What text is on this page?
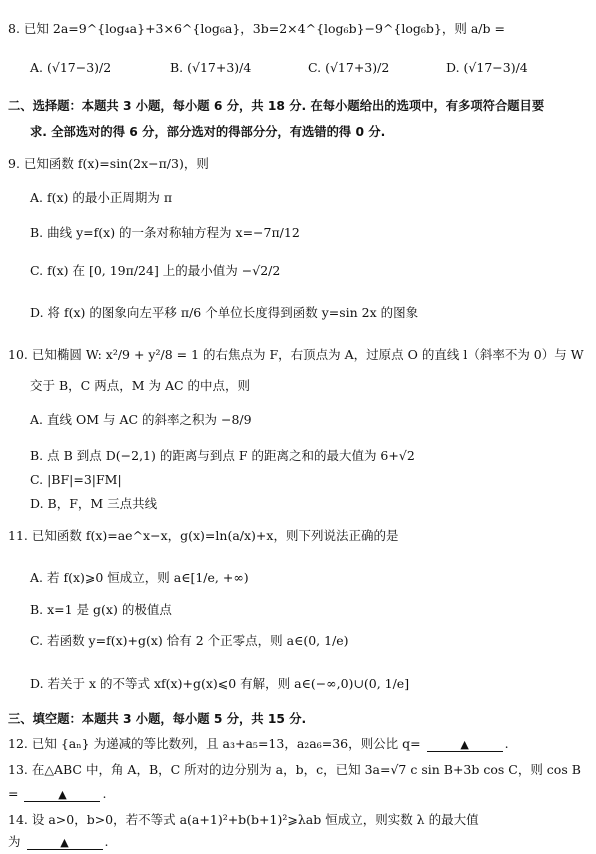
8. 已知 2a=9^{log₄a}+3×6^{log₆a}，3b=2×4^{log₆b}−9^{log₆b}，则 a/b =
A. (√17−3)/2	B. (√17+3)/4	C. (√17+3)/2	D. (√17−3)/4
二、选择题：本题共 3 小题，每小题 6 分，共 18 分. 在每小题给出的选项中，有多项符合题目要
求. 全部选对的得 6 分，部分选对的得部分分，有选错的得 0 分.
9. 已知函数 f(x)=sin(2x−π/3)，则
A. f(x) 的最小正周期为 π
B. 曲线 y=f(x) 的一条对称轴方程为 x=−7π/12
C. f(x) 在 [0, 19π/24] 上的最小值为 −√2/2
D. 将 f(x) 的图象向左平移 π/6 个单位长度得到函数 y=sin 2x 的图象
10. 已知椭圆 W: x²/9 + y²/8 = 1 的右焦点为 F，右顶点为 A，过原点 O 的直线 l（斜率不为 0）与 W
交于 B，C 两点，M 为 AC 的中点，则
A. 直线 OM 与 AC 的斜率之积为 −8/9
B. 点 B 到点 D(−2,1) 的距离与到点 F 的距离之和的最大值为 6+√2
C. |BF|=3|FM|
D. B，F，M 三点共线
11. 已知函数 f(x)=ae^x−x，g(x)=ln(a/x)+x，则下列说法正确的是
A. 若 f(x)⩾0 恒成立，则 a∈[1/e, +∞)
B. x=1 是 g(x) 的极值点
C. 若函数 y=f(x)+g(x) 恰有 2 个正零点，则 a∈(0, 1/e)
D. 若关于 x 的不等式 xf(x)+g(x)⩽0 有解，则 a∈(−∞,0)∪(0, 1/e]
三、填空题：本题共 3 小题，每小题 5 分，共 15 分.
12. 已知 {aₙ} 为递减的等比数列，且 a₃+a₅=13，a₂a₆=36，则公比 q=	▲	.
13. 在△ABC 中，角 A，B，C 所对的边分别为 a，b，c，已知 3a=√7 c sin B+3b cos C，则 cos B
=	▲	.
14. 设 a>0，b>0，若不等式 a(a+1)²+b(b+1)²⩾λab 恒成立，则实数 λ 的最大值
为	▲	.
